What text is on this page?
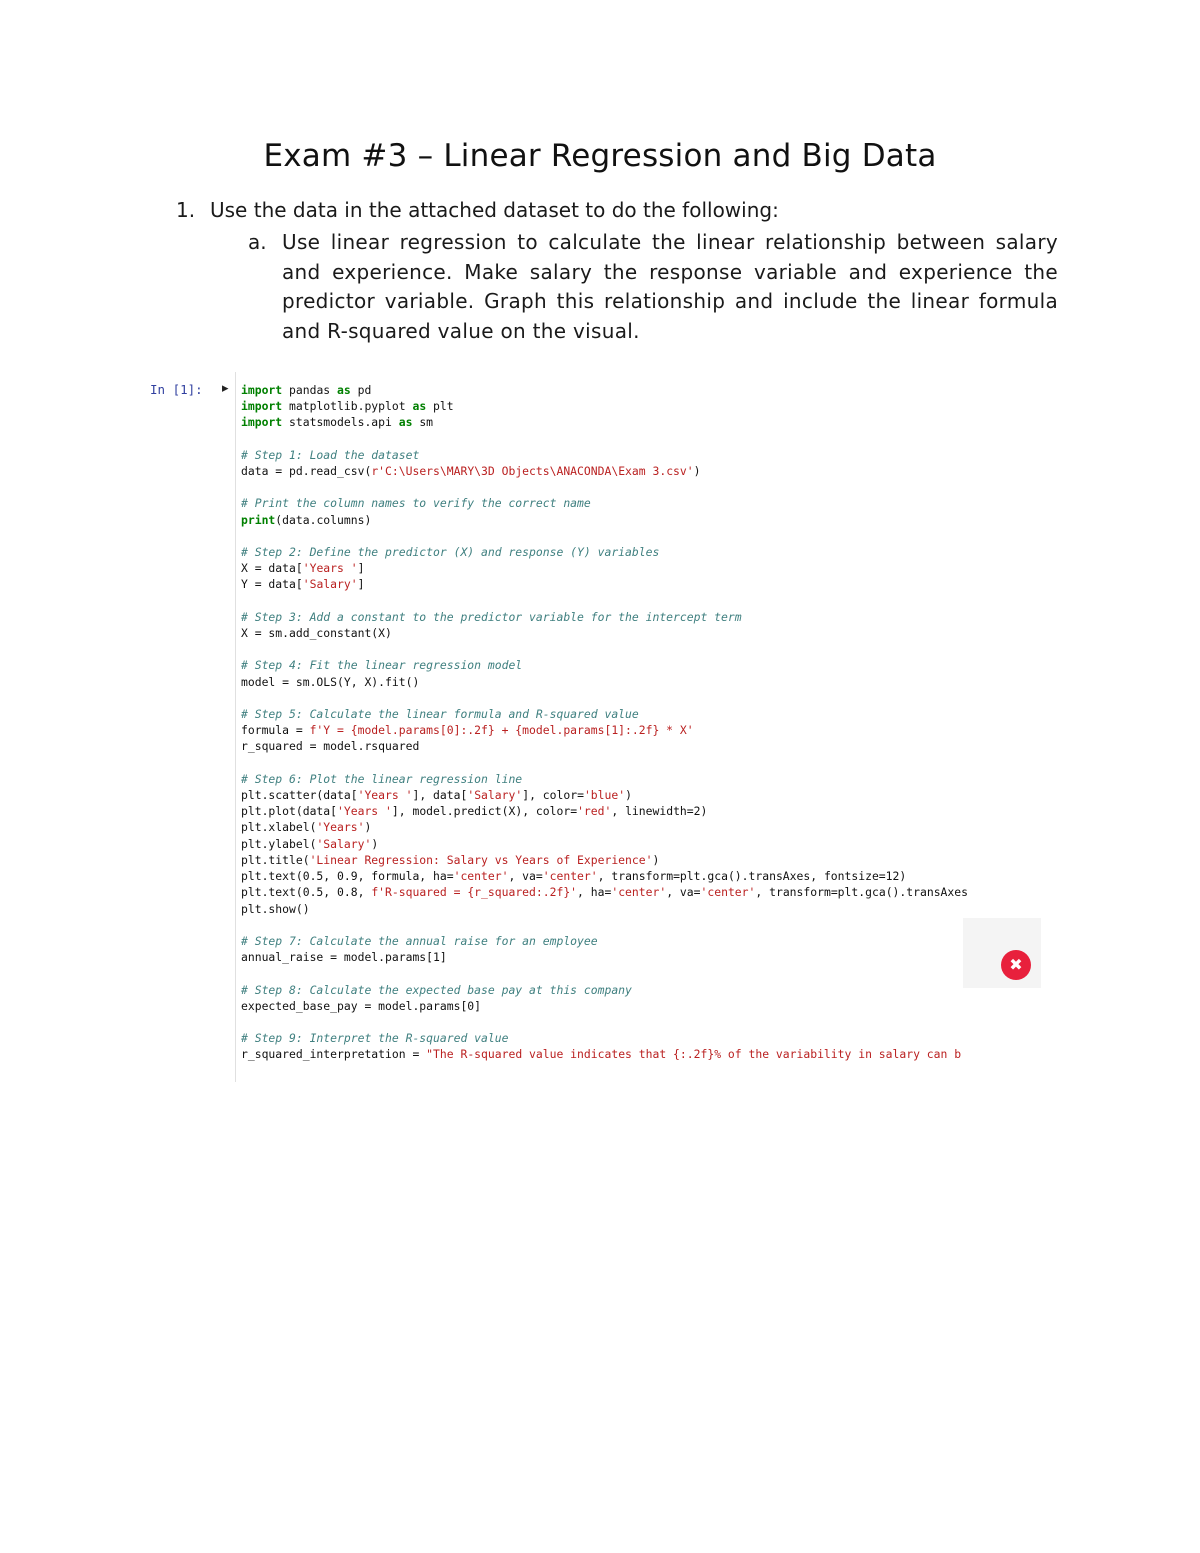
Exam #3 – Linear Regression and Big Data
1. Use the data in the attached dataset to do the following:
a. Use linear regression to calculate the linear relationship between salary and experience. Make salary the response variable and experience the predictor variable. Graph this relationship and include the linear formula and R-squared value on the visual.
In [1]: ▸ import pandas as pd
import matplotlib.pyplot as plt
import statsmodels.api as sm

# Step 1: Load the dataset
data = pd.read_csv(r'C:\Users\MARY\3D Objects\ANACONDA\Exam 3.csv')

# Print the column names to verify the correct name
print(data.columns)

# Step 2: Define the predictor (X) and response (Y) variables
X = data['Years ']
Y = data['Salary']

# Step 3: Add a constant to the predictor variable for the intercept term
X = sm.add_constant(X)

# Step 4: Fit the linear regression model
model = sm.OLS(Y, X).fit()

# Step 5: Calculate the linear formula and R-squared value
formula = f'Y = {model.params[0]:.2f} + {model.params[1]:.2f} * X'
r_squared = model.rsquared

# Step 6: Plot the linear regression line
plt.scatter(data['Years '], data['Salary'], color='blue')
plt.plot(data['Years '], model.predict(X), color='red', linewidth=2)
plt.xlabel('Years')
plt.ylabel('Salary')
plt.title('Linear Regression: Salary vs Years of Experience')
plt.text(0.5, 0.9, formula, ha='center', va='center', transform=plt.gca().transAxes, fontsize=12)
plt.text(0.5, 0.8, f'R-squared = {r_squared:.2f}', ha='center', va='center', transform=plt.gca().transAxes
plt.show()

# Step 7: Calculate the annual raise for an employee
annual_raise = model.params[1]

# Step 8: Calculate the expected base pay at this company
expected_base_pay = model.params[0]

# Step 9: Interpret the R-squared value
r_squared_interpretation = "The R-squared value indicates that {:.2f}% of the variability in salary can b

✖
